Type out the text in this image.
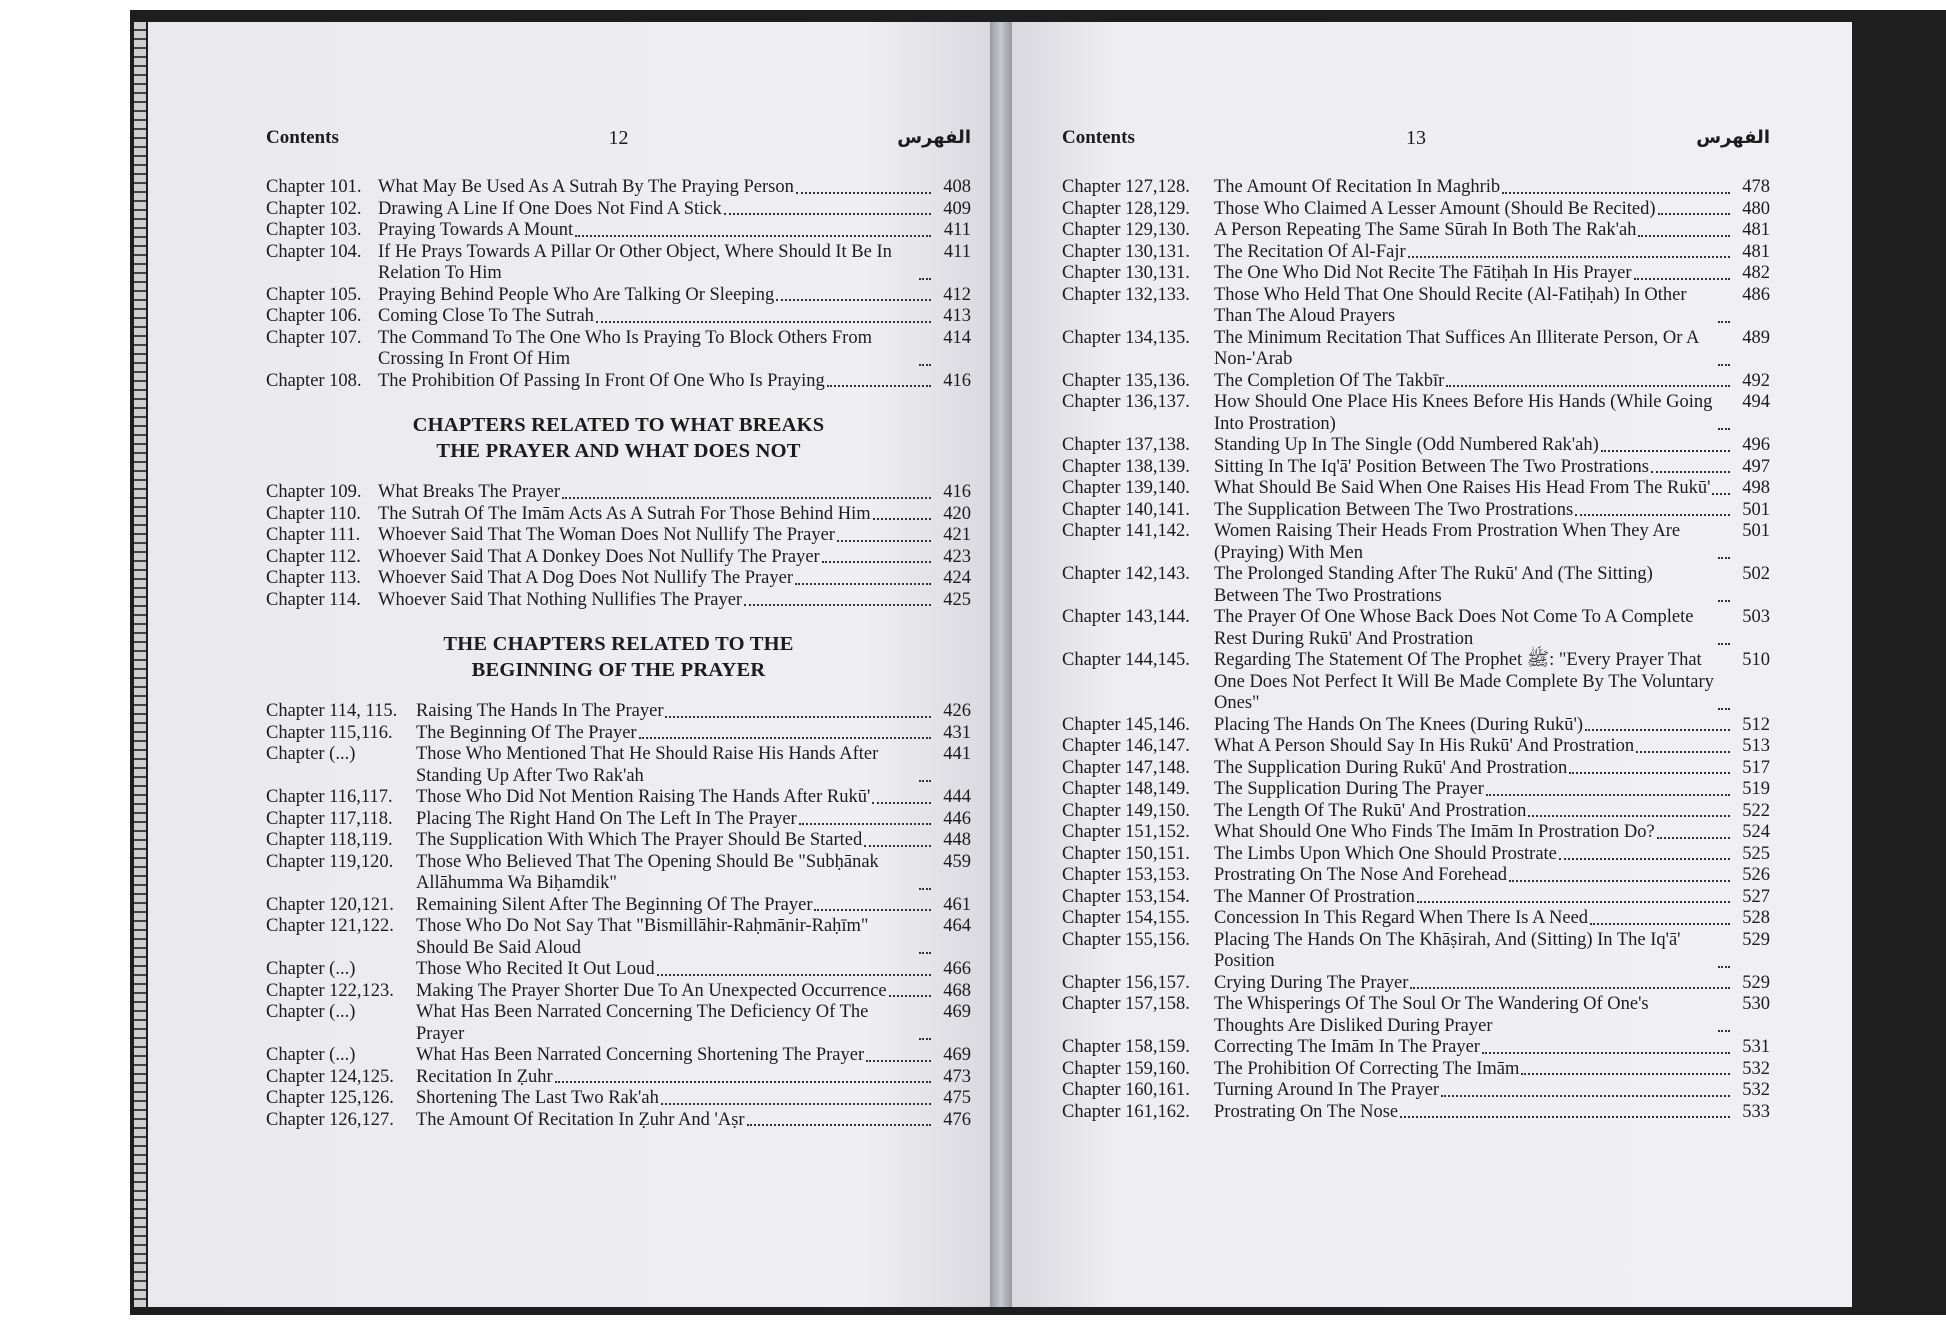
Contents	12	الفهرس
Chapter 101. What May Be Used As A Sutrah By The Praying Person	408
Chapter 102. Drawing A Line If One Does Not Find A Stick	409
Chapter 103. Praying Towards A Mount	411
Chapter 104. If He Prays Towards A Pillar Or Other Object, Where Should It Be In Relation To Him
411
Chapter 105. Praying Behind People Who Are Talking Or Sleeping	412
Chapter 106. Coming Close To The Sutrah	413
Chapter 107. The Command To The One Who Is Praying To Block Others From Crossing In Front Of Him
414
Chapter 108. The Prohibition Of Passing In Front Of One Who Is Praying	416
CHAPTERS RELATED TO WHAT BREAKS
THE PRAYER AND WHAT DOES NOT
Chapter 109. What Breaks The Prayer	416
Chapter 110. The Sutrah Of The Imām Acts As A Sutrah For Those Behind Him	420
Chapter 111. Whoever Said That The Woman Does Not Nullify The Prayer	421
Chapter 112. Whoever Said That A Donkey Does Not Nullify The Prayer	423
Chapter 113. Whoever Said That A Dog Does Not Nullify The Prayer	424
Chapter 114. Whoever Said That Nothing Nullifies The Prayer	425
THE CHAPTERS RELATED TO THE
BEGINNING OF THE PRAYER
Chapter 114, 115.	Raising The Hands In The Prayer	426
Chapter 115,116.	The Beginning Of The Prayer	431
Chapter (...)	Those Who Mentioned That He Should Raise His Hands After Standing Up After Two Rak'ah
441
Chapter 116,117.	Those Who Did Not Mention Raising The Hands After Rukū'	444
Chapter 117,118.	Placing The Right Hand On The Left In The Prayer	446
Chapter 118,119.	The Supplication With Which The Prayer Should Be Started	448
Chapter 119,120.	Those Who Believed That The Opening Should Be "Subḥānak Allāhumma Wa Biḥamdik"
459
Chapter 120,121.	Remaining Silent After The Beginning Of The Prayer	461
Chapter 121,122.	Those Who Do Not Say That "Bismillāhir-Raḥmānir-Raḥīm" Should Be Said Aloud
464
Chapter (...)	Those Who Recited It Out Loud	466
Chapter 122,123.	Making The Prayer Shorter Due To An Unexpected Occurrence	468
Chapter (...)	What Has Been Narrated Concerning The Deficiency Of The Prayer
469
Chapter (...)	What Has Been Narrated Concerning Shortening The Prayer	469
Chapter 124,125.	Recitation In Ẓuhr	473
Chapter 125,126.	Shortening The Last Two Rak'ah	475
Chapter 126,127.	The Amount Of Recitation In Ẓuhr And 'Aṣr	476
Contents	13	الفهرس
Chapter 127,128.	The Amount Of Recitation In Maghrib	478
Chapter 128,129.	Those Who Claimed A Lesser Amount (Should Be Recited)	480
Chapter 129,130.	A Person Repeating The Same Sūrah In Both The Rak'ah	481
Chapter 130,131.	The Recitation Of Al-Fajr	481
Chapter 130,131.	The One Who Did Not Recite The Fātiḥah In His Prayer	482
Chapter 132,133.	Those Who Held That One Should Recite (Al-Fatiḥah) In Other Than The Aloud Prayers
486
Chapter 134,135.	The Minimum Recitation That Suffices An Illiterate Person, Or A Non-'Arab
489
Chapter 135,136.	The Completion Of The Takbīr	492
Chapter 136,137.	How Should One Place His Knees Before His Hands (While Going Into Prostration)
494
Chapter 137,138.	Standing Up In The Single (Odd Numbered Rak'ah)	496
Chapter 138,139.	Sitting In The Iq'ā' Position Between The Two Prostrations	497
Chapter 139,140.	What Should Be Said When One Raises His Head From The Rukū'	498
Chapter 140,141.	The Supplication Between The Two Prostrations	501
Chapter 141,142.	Women Raising Their Heads From Prostration When They Are (Praying) With Men
501
Chapter 142,143.	The Prolonged Standing After The Rukū' And (The Sitting) Between The Two Prostrations
502
Chapter 143,144.	The Prayer Of One Whose Back Does Not Come To A Complete Rest During Rukū' And Prostration
503
Chapter 144,145.	Regarding The Statement Of The Prophet ﷺ: "Every Prayer That One Does Not Perfect It Will Be Made Complete By The Voluntary Ones"
510
Chapter 145,146.	Placing The Hands On The Knees (During Rukū')	512
Chapter 146,147.	What A Person Should Say In His Rukū' And Prostration	513
Chapter 147,148.	The Supplication During Rukū' And Prostration	517
Chapter 148,149.	The Supplication During The Prayer	519
Chapter 149,150.	The Length Of The Rukū' And Prostration	522
Chapter 151,152.	What Should One Who Finds The Imām In Prostration Do?	524
Chapter 150,151.	The Limbs Upon Which One Should Prostrate	525
Chapter 153,153.	Prostrating On The Nose And Forehead	526
Chapter 153,154.	The Manner Of Prostration	527
Chapter 154,155.	Concession In This Regard When There Is A Need	528
Chapter 155,156.	Placing The Hands On The Khāṣirah, And (Sitting) In The Iq'ā' Position
529
Chapter 156,157.	Crying During The Prayer	529
Chapter 157,158.	The Whisperings Of The Soul Or The Wandering Of One's Thoughts Are Disliked During Prayer
530
Chapter 158,159.	Correcting The Imām In The Prayer	531
Chapter 159,160.	The Prohibition Of Correcting The Imām	532
Chapter 160,161.	Turning Around In The Prayer	532
Chapter 161,162.	Prostrating On The Nose	533
